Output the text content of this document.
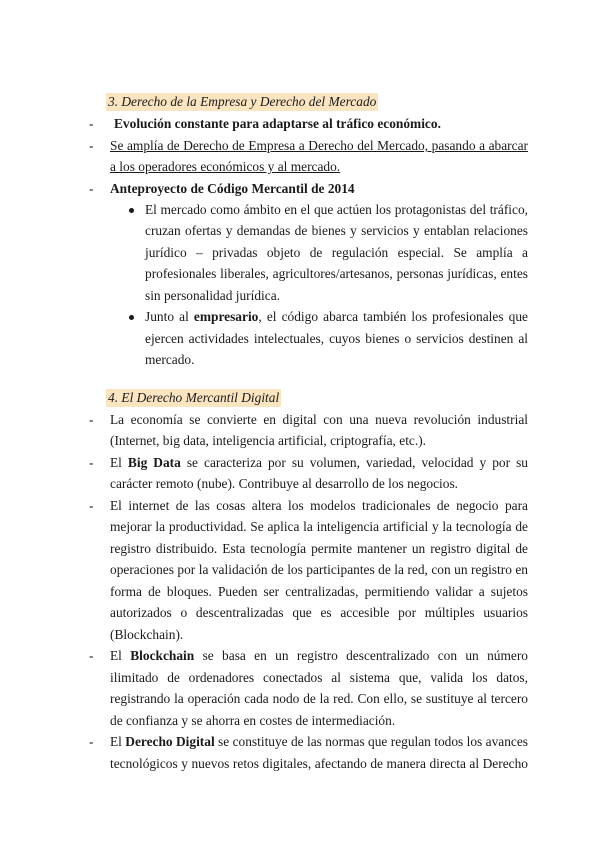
3. Derecho de la Empresa y Derecho del Mercado
- Evolución constante para adaptarse al tráfico económico.
- Se amplía de Derecho de Empresa a Derecho del Mercado, pasando a abarcar
a los operadores económicos y al mercado.
- Anteproyecto de Código Mercantil de 2014
El mercado como ámbito en el que actúen los protagonistas del tráfico,
cruzan ofertas y demandas de bienes y servicios y entablan relaciones
jurídico – privadas objeto de regulación especial. Se amplía a
profesionales liberales, agricultores/artesanos, personas jurídicas, entes
sin personalidad jurídica.
Junto al empresario, el código abarca también los profesionales que
ejercen actividades intelectuales, cuyos bienes o servicios destinen al
mercado.
4. El Derecho Mercantil Digital
- La economía se convierte en digital con una nueva revolución industrial
(Internet, big data, inteligencia artificial, criptografía, etc.).
- El Big Data se caracteriza por su volumen, variedad, velocidad y por su
carácter remoto (nube). Contribuye al desarrollo de los negocios.
- El internet de las cosas altera los modelos tradicionales de negocio para
mejorar la productividad. Se aplica la inteligencia artificial y la tecnología de
registro distribuido. Esta tecnología permite mantener un registro digital de
operaciones por la validación de los participantes de la red, con un registro en
forma de bloques. Pueden ser centralizadas, permitiendo validar a sujetos
autorizados o descentralizadas que es accesible por múltiples usuarios
(Blockchain).
- El Blockchain se basa en un registro descentralizado con un número
ilimitado de ordenadores conectados al sistema que, valida los datos,
registrando la operación cada nodo de la red. Con ello, se sustituye al tercero
de confianza y se ahorra en costes de intermediación.
- El Derecho Digital se constituye de las normas que regulan todos los avances
tecnológicos y nuevos retos digitales, afectando de manera directa al Derecho
